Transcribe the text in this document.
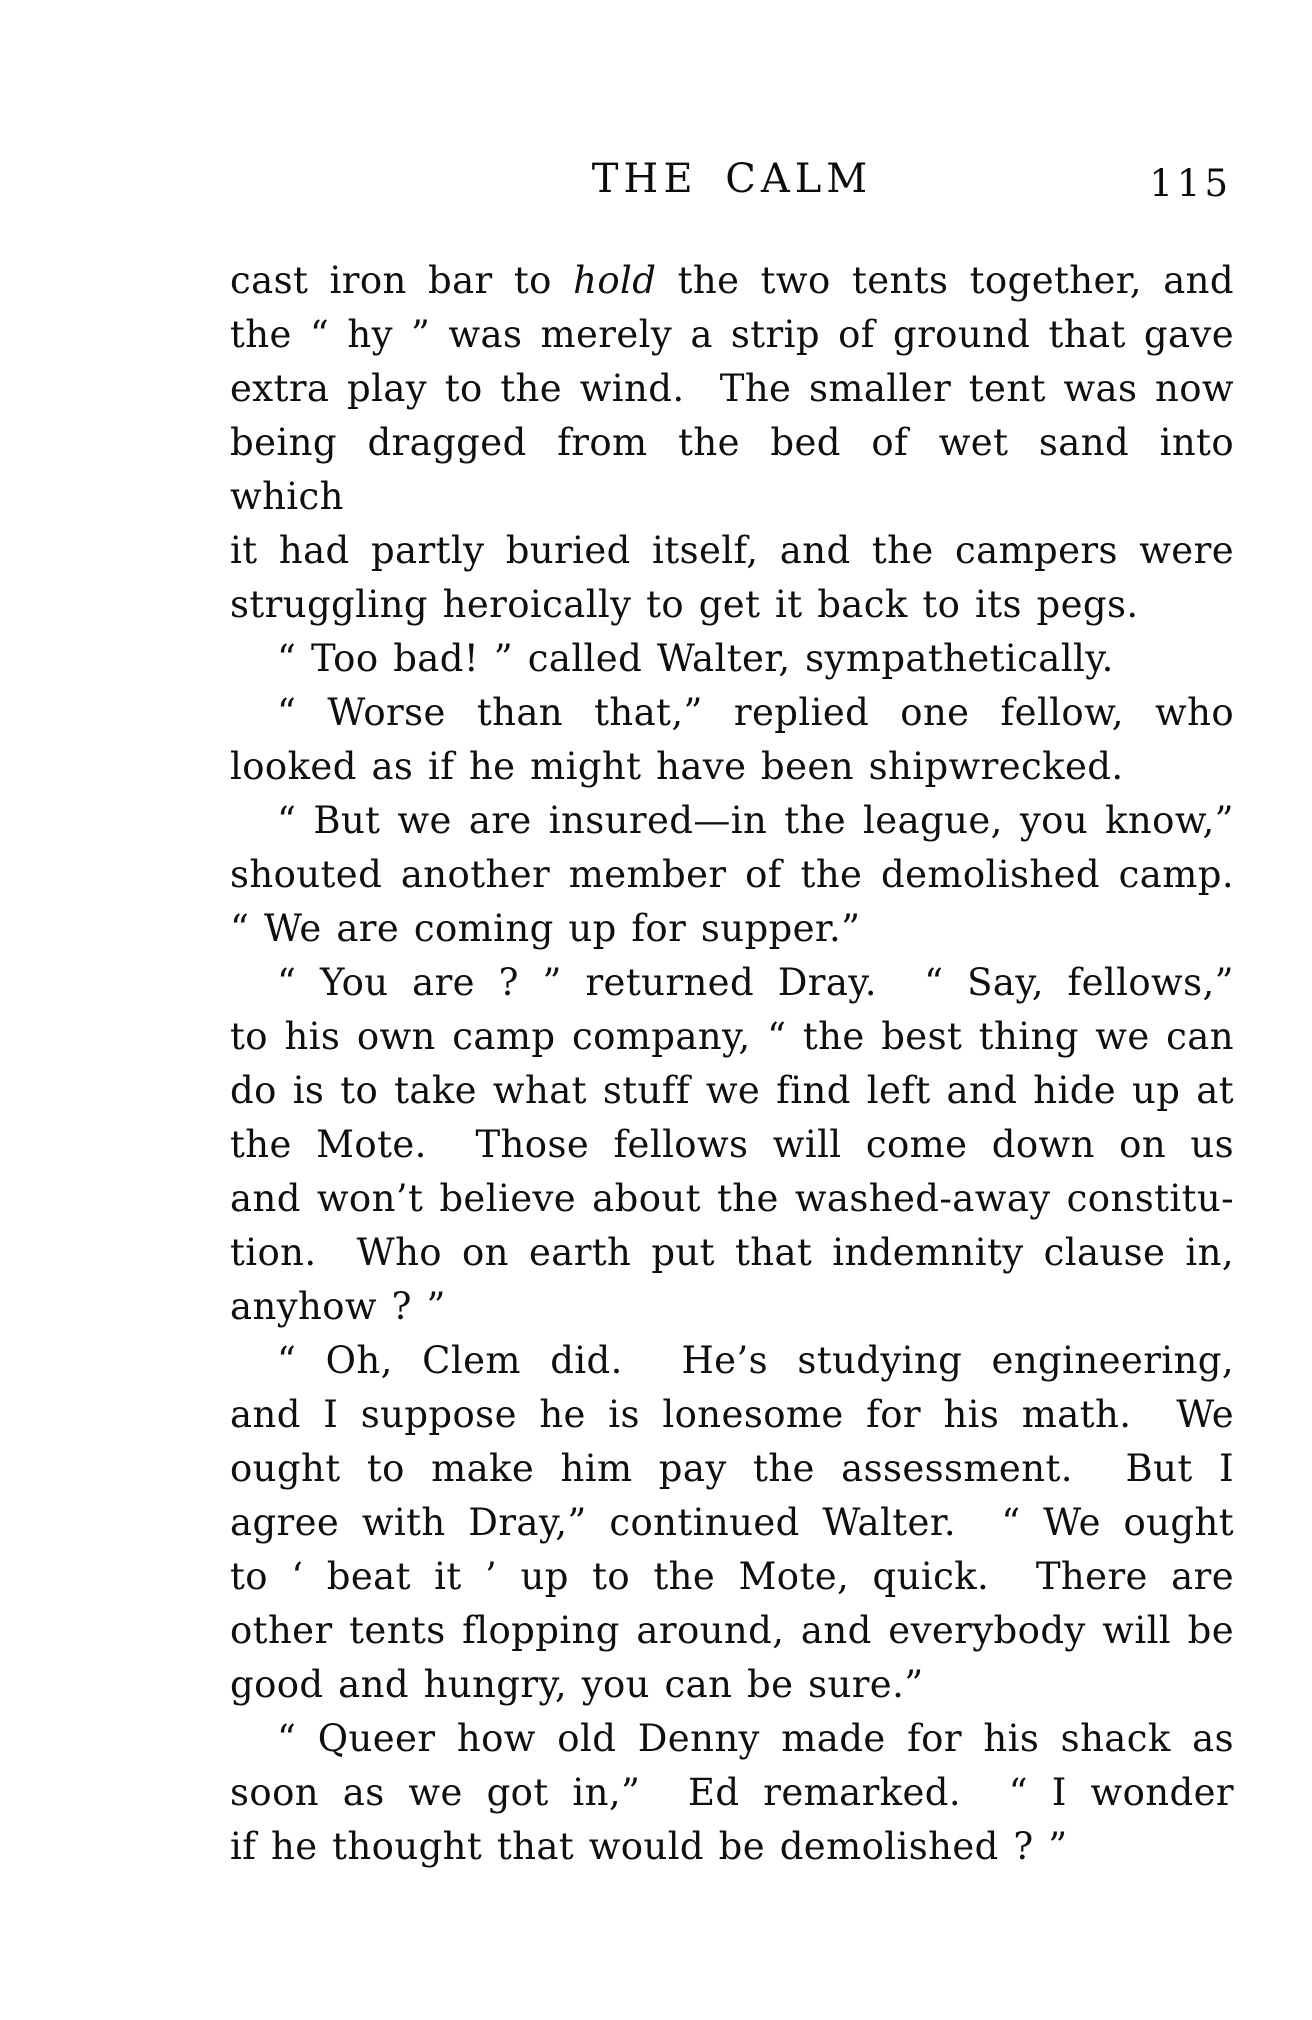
THE CALM	115

cast iron bar to hold the two tents together, and

the “ hy ” was merely a strip of ground that gave

extra play to the wind.  The smaller tent was now

being dragged from the bed of wet sand into which

it had partly buried itself, and the campers were

struggling heroically to get it back to its pegs.

“ Too bad! ” called Walter, sympathetically.

“ Worse than that,” replied one fellow, who

looked as if he might have been shipwrecked.

“ But we are insured—in the league, you know,”

shouted another member of the demolished camp.

“ We are coming up for supper.”

“ You are ? ” returned Dray.  “ Say, fellows,”

to his own camp company, “ the best thing we can

do is to take what stuff we find left and hide up at

the Mote.  Those fellows will come down on us

and won’t believe about the washed-away constitu-

tion.  Who on earth put that indemnity clause in,

anyhow ? ”

“ Oh, Clem did.  He’s studying engineering,

and I suppose he is lonesome for his math.  We

ought to make him pay the assessment.  But I

agree with Dray,” continued Walter.  “ We ought

to ‘ beat it ’ up to the Mote, quick.  There are

other tents flopping around, and everybody will be

good and hungry, you can be sure.”

“ Queer how old Denny made for his shack as

soon as we got in,”  Ed remarked.  “ I wonder

if he thought that would be demolished ? ”
